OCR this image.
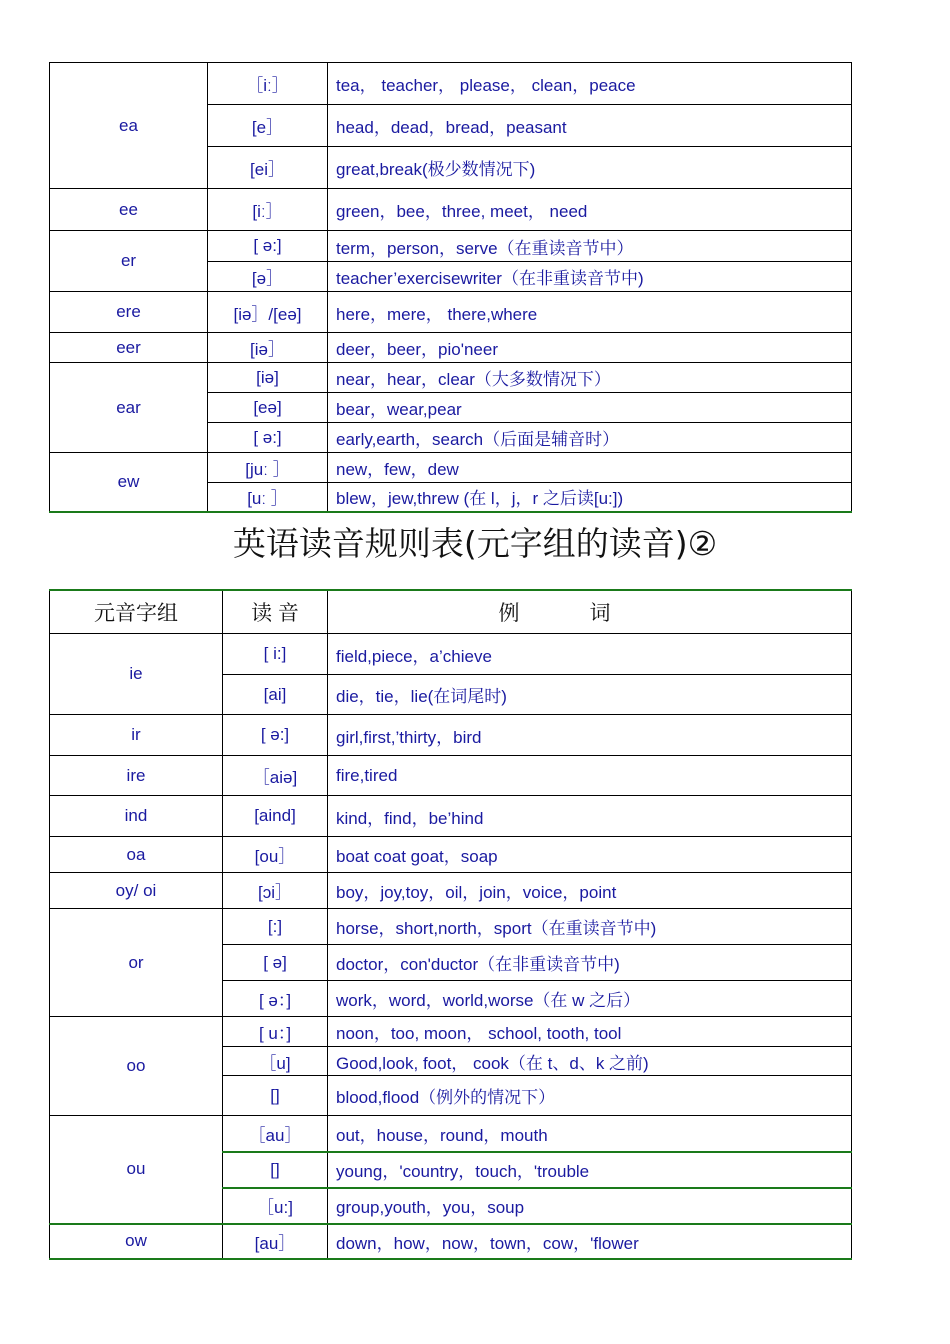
ea	［iː］	tea， teacher， please， clean，peace
	[e］	head，dead，bread，peasant
	[ei］	great,break(极少数情况下)
ee	[iː］	green，bee，three, meet， need
er	[ ə:]	term，person，serve（在重读音节中）
	[ə］	teacher’exercisewriter（在非重读音节中)
ere	[iə］/[eə]	here，mere， there,where
eer	[iə］	deer，beer，pio'neer
ear	[iə]	near，hear，clear（大多数情况下）
	[eə]	bear，wear,pear
	[ ə:]	early,earth，search（后面是辅音时）
ew	[juː ］	new，few，dew
	[uː ］	blew，jew,threw (在 l，j，r 之后读[u:])
英语读音规则表(元字组的读音)②
元音字组	读 音	例词
ie	[ i:]	field,piece，a’chieve
	[ai]	die，tie，lie(在词尾时)
ir	[ ə:]	girl,first,’thirty，bird
ire	［aiə]	fire,tired
ind	[aind]	kind，find，be’hind
oa	[ou］	boat coat goat，soap
oy/ oi	[ɔi］	boy，joy,toy，oil，join，voice，point
or	[:]	horse，short,north，sport（在重读音节中)
	[ ə]	doctor，con'ductor（在非重读音节中)
	[ ə：]	work，word，world,worse（在 w 之后）
oo	[ u：]	noon，too, moon， school, tooth, tool
	［u]	Good,look, foot， cook（在 t、d、k 之前)
	[]	blood,flood（例外的情况下）
ou	［au］	out，house，round，mouth
	[]	young，'country，touch，'trouble
	［u:]	group,youth，you，soup
ow	[au］	down，how，now，town，cow，'flower
